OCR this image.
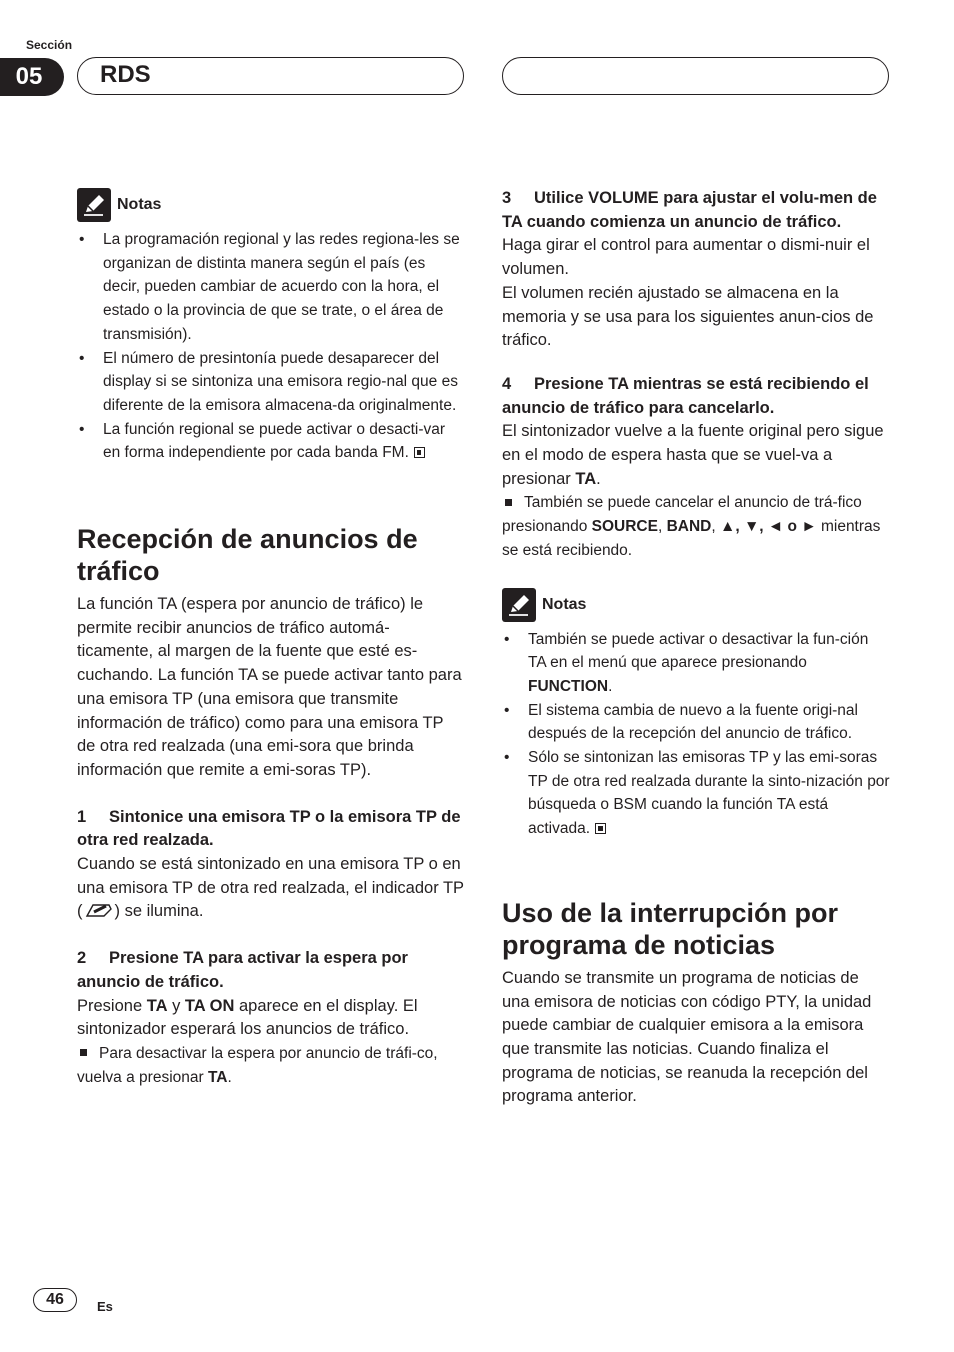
Sección
05	RDS
Notas
• La programación regional y las redes regiona-les se organizan de distinta manera según el país (es decir, pueden cambiar de acuerdo con la hora, el estado o la provincia de que se trate, o el área de transmisión).
• El número de presintonía puede desaparecer del display si se sintoniza una emisora regio-nal que es diferente de la emisora almacena-da originalmente.
• La función regional se puede activar o desacti-var en forma independiente por cada banda FM.
Recepción de anuncios de tráfico

La función TA (espera por anuncio de tráfico) le permite recibir anuncios de tráfico automá-ticamente, al margen de la fuente que esté es-cuchando. La función TA se puede activar tanto para una emisora TP (una emisora que transmite información de tráfico) como para una emisora TP de otra red realzada (una emi-sora que brinda información que remite a emi-soras TP).

1 Sintonice una emisora TP o la emisora TP de otra red realzada.

Cuando se está sintonizado en una emisora TP o en una emisora TP de otra red realzada, el indicador TP ( ) se ilumina.

2 Presione TA para activar la espera por anuncio de tráfico.

Presione TA y TA ON aparece en el display. El sintonizador esperará los anuncios de tráfico.

Para desactivar la espera por anuncio de tráfi-co, vuelva a presionar TA.

3 Utilice VOLUME para ajustar el volu-men de TA cuando comienza un anuncio de tráfico.

Haga girar el control para aumentar o dismi-nuir el volumen.

El volumen recién ajustado se almacena en la memoria y se usa para los siguientes anun-cios de tráfico.

4 Presione TA mientras se está recibiendo el anuncio de tráfico para cancelarlo.

El sintonizador vuelve a la fuente original pero sigue en el modo de espera hasta que se vuel-va a presionar TA.

También se puede cancelar el anuncio de trá-fico presionando SOURCE, BAND, ▲, ▼, ◄ o ► mientras se está recibiendo.

Notas
• También se puede activar o desactivar la fun-ción TA en el menú que aparece presionando FUNCTION.
• El sistema cambia de nuevo a la fuente origi-nal después de la recepción del anuncio de tráfico.
• Sólo se sintonizan las emisoras TP y las emi-soras TP de otra red realzada durante la sinto-nización por búsqueda o BSM cuando la función TA está activada.
Uso de la interrupción por programa de noticias

Cuando se transmite un programa de noticias de una emisora de noticias con código PTY, la unidad puede cambiar de cualquier emisora a la emisora que transmite las noticias. Cuando finaliza el programa de noticias, se reanuda la recepción del programa anterior.

46	Es
